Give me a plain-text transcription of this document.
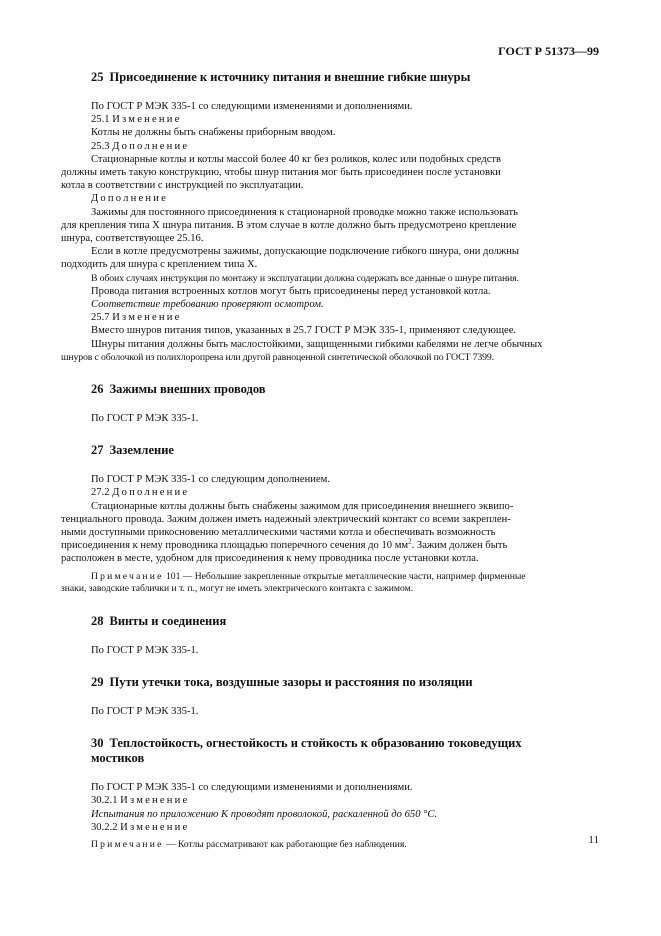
ГОСТ Р 51373—99
25 Присоединение к источнику питания и внешние гибкие шнуры

По ГОСТ Р МЭК 335-1 со следующими изменениями и дополнениями.

25.1 Изменение

Котлы не должны быть снабжены приборным вводом.

25.3 Дополнение

Стационарные котлы и котлы массой более 40 кг без роликов, колес или подобных средств

должны иметь такую конструкцию, чтобы шнур питания мог быть присоединен после установки

котла в соответствии с инструкцией по эксплуатации.

Дополнение

Зажимы для постоянного присоединения к стационарной проводке можно также использовать

для крепления типа X шнура питания. В этом случае в котле должно быть предусмотрено крепление

шнура, соответствующее 25.16.

Если в котле предусмотрены зажимы, допускающие подключение гибкого шнура, они должны

подходить для шнура с креплением типа X.

В обоих случаях инструкция по монтажу и эксплуатации должна содержать все данные о шнуре питания.

Провода питания встроенных котлов могут быть присоединены перед установкой котла.

Соответствие требованию проверяют осмотром.

25.7 Изменение

Вместо шнуров питания типов, указанных в 25.7 ГОСТ Р МЭК 335-1, применяют следующее.

Шнуры питания должны быть маслостойкими, защищенными гибкими кабелями не легче обычных

шнуров с оболочкой из полихлоропрена или другой равноценной синтетической оболочкой по ГОСТ 7399.

26 Зажимы внешних проводов

По ГОСТ Р МЭК 335-1.

27 Заземление

По ГОСТ Р МЭК 335-1 со следующим дополнением.

27.2 Дополнение

Стационарные котлы должны быть снабжены зажимом для присоединения внешнего эквипо-

тенциального провода. Зажим должен иметь надежный электрический контакт со всеми закреплен-

ными доступными прикосновению металлическими частями котла и обеспечивать возможность

присоединения к нему проводника площадью поперечного сечения до 10 $мм^2$. Зажим должен быть

расположен в месте, удобном для присоединения к нему проводника после установки котла.

Примечание 101 — Небольшие закрепленные открытые металлические части, например фирменные

знаки, заводские таблички и т. п., могут не иметь электрического контакта с зажимом.

28 Винты и соединения

По ГОСТ Р МЭК 335-1.

29 Пути утечки тока, воздушные зазоры и расстояния по изоляции

По ГОСТ Р МЭК 335-1.

30 Теплостойкость, огнестойкость и стойкость к образованию токоведущих
мостиков

По ГОСТ Р МЭК 335-1 со следующими изменениями и дополнениями.

30.2.1 Изменение

Испытания по приложению К проводят проволокой, раскаленной до 650 °С.

30.2.2 Изменение

Примечание — Котлы рассматривают как работающие без наблюдения.	11
